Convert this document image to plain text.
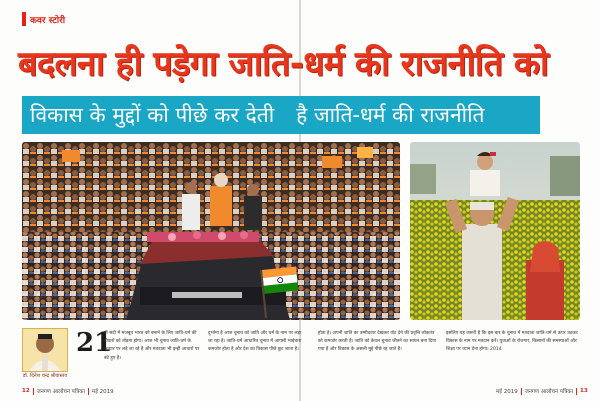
कवर स्टोरी
बदलना ही पड़ेगा जाति-धर्म की राजनीति को
विकास के मुद्दों को पीछे कर देती है जाति-धर्म की राजनीति
डॉ. दिनेश चन्द्र श्रीवास्तव
21

वीं सदी में मजबूत भारत को बनाने के लिए जाति-धर्म की दीवारों को तोड़ना होगा। आज भी चुनाव जाति-धर्म के आधार पर लड़े जा रहे हैं और मतदाता भी इन्हीं आधारों पर बंटे हुए हैं।

दुर्भाग्य है आज चुनाव को जाति और धर्म के नाम पर लड़ा जा रहा है। जाति-धर्म आधारित चुनाव में आपसी भाईचारा कमजोर होता है और देश का विकास पीछे छूट जाता है।

होता है। अपनी जाति का उम्मीदवार देखकर वोट देने की प्रवृत्ति लोकतंत्र को कमजोर करती है। जाति को केवल चुनाव जीतने का साधन बना दिया गया है और विकास के असली मुद्दे पीछे रह जाते हैं।

इसलिए यह जरूरी है कि इस बार के चुनाव में मतदाता जाति-धर्म से ऊपर उठकर विकास के नाम पर मतदान करें। युवाओं के रोजगार, किसानों की समस्याओं और शिक्षा पर ध्यान देना होगा। 2014

12 जनगण आलोचन पत्रिका मई 2019	मई 2019 जनगण आलोचन पत्रिका 13
